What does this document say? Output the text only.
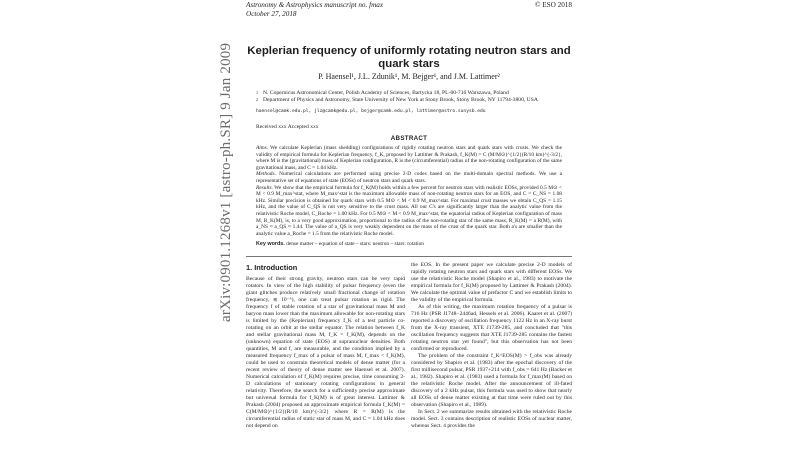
Astronomy & Astrophysics manuscript no. fmax
October 27, 2018
© ESO 2018
arXiv:0901.1268v1 [astro-ph.SR] 9 Jan 2009 Keplerian frequency of uniformly rotating neutron stars and quark stars
P. Haensel¹, J.L. Zdunik¹, M. Bejger¹, and J.M. Lattimer²
1 N. Copernicus Astronomical Center, Polish Academy of Sciences, Bartycka 18, PL-00-716 Warszawa, Poland
2 Department of Physics and Astronomy, State University of New York at Stony Brook, Stony Brook, NY 11794-3800, USA
haensel@camk.edu.pl, jlz@camk@edu.pl, bejger@camk.edu.pl, lattimer@astro.sunysb.edu
Received xxx Accepted xxx
ABSTRACT

Aims. We calculate Keplerian (mass shedding) configurations of rigidly rotating neutron stars and quark stars with crusts. We check the validity of empirical formula for Keplerian frequency, f_K, proposed by Lattimer & Prakash, f_K(M) = C (M/M⊙)^{1/2}(R/10 km)^{-3/2}, where M is the (gravitational) mass of Keplerian configuration, R is the (circumferential) radius of the non-rotating configuration of the same gravitational mass, and C = 1.04 kHz.

Methods. Numerical calculations are performed using precise 2-D codes based on the multi-domain spectral methods. We use a representative set of equations of state (EOSs) of neutron stars and quark stars.

Results. We show that the empirical formula for f_K(M) holds within a few percent for neutron stars with realistic EOSs, provided 0.5 M⊙ < M < 0.9 M_max^stat, where M_max^stat is the maximum allowable mass of non-rotating neutron stars for an EOS, and C = C_NS = 1.08 kHz. Similar precision is obtained for quark stars with 0.5 M⊙ < M < 0.9 M_max^stat. For maximal crust masses we obtain C_QS = 1.15 kHz, and the value of C_QS is not very sensitive to the crust mass. All our C's are significantly larger than the analytic value from the relativistic Roche model, C_Roche = 1.00 kHz. For 0.5 M⊙ < M < 0.9 M_max^stat, the equatorial radius of Keplerian configuration of mass M, R_K(M), is, to a very good approximation, proportional to the radius of the non-rotating star of the same mass, R_K(M) = a R(M), with a_NS ≈ a_QS ≈ 1.44. The value of a_QS is very weakly dependent on the mass of the crust of the quark star. Both a's are smaller than the analytic value a_Roche = 1.5 from the relativistic Roche model.

Key words. dense matter – equation of state – stars: neutron – stars: rotation
1. Introduction

Because of their strong gravity, neutron stars can be very rapid rotators. In view of the high stability of pulsar frequency (even the giant glitches produce relatively small fractional change of rotation frequency, ≲ 10⁻⁵), one can treat pulsar rotation as rigid. The frequency f of stable rotation of a star of gravitational mass M and baryon mass lower than the maximum allowable for non-rotating stars is limited by the (Keplerian) frequency f_K of a test particle co-rotating on an orbit at the stellar equator. The relation between f_K and stellar gravitational mass M, f_K = f_K(M), depends on the (unknown) equation of state (EOS) at supranuclear densities. Both quantities, M and f, are measurable, and the condition implied by a measured frequency f_max of a pulsar of mass M, f_max < f_K(M), could be used to constrain theoretical models of dense matter (for a recent review of theory of dense matter see Haensel et al. 2007). Numerical calculation of f_K(M) requires precise, time consuming 2-D calculations of stationary rotating configurations in general relativity. Therefore, the search for a sufficiently precise approximate but universal formula for f_K(M) is of great interest. Lattimer & Prakash (2004) proposed an approximate empirical formula f_K(M) = C(M/M⊙)^{1/2}(R/10 km)^{-3/2} where R = R(M) is the circumferential radius of static star of mass M, and C = 1.04 kHz does not depend on

the EOS. In the present paper we calculate precise 2-D models of rapidly rotating neutron stars and quark stars with different EOSs. We use the relativistic Roche model (Shapiro et al., 1983) to motivate the empirical formula for f_K(M) proposed by Lattimer & Prakash (2004). We calculate the optimal value of prefactor C and we establish limits to the validity of the empirical formula.

As of this writing, the maximum rotation frequency of a pulsar is 716 Hz (PSR J1748−2446ad, Hessels et al. 2006). Kaaret et al. (2007) reported a discovery of oscillation frequency 1122 Hz in an X-ray burst from the X-ray transient, XTE J1739-285, and concluded that "this oscillation frequency suggests that XTE J1739-285 contains the fastest rotating neutron star yet found", but this observation has not been confirmed or reproduced.

The problem of the constraint f_K^EOS(M) > f_obs was already considered by Shapiro et al. (1983) after the epochal discovery of the first millisecond pulsar, PSR 1937+214 with f_obs = 641 Hz (Backer et al., 1982). Shapiro et al. (1983) used a formula for f_max(M) based on the relativistic Roche model. After the announcement of ill-fated discovery of a 2 kHz pulsar, this formula was used to show that nearly all EOSs of dense matter existing at that time were ruled out by this observation (Shapiro et al., 1989).

In Sect. 2 we summarize results obtained with the relativistic Roche model. Sect. 3 contains description of realistic EOSs of nuclear matter, whereas Sect. 4 provides the
